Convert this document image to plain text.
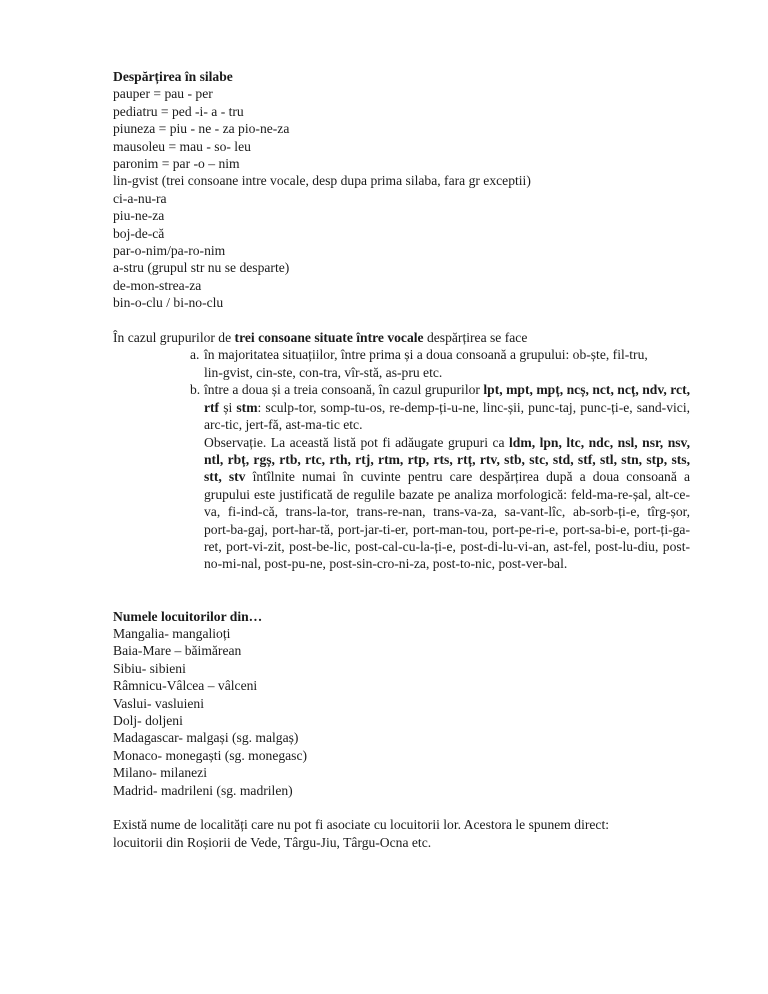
Despărțirea în silabe
pauper = pau - per
pediatru = ped -i- a - tru
piuneza = piu - ne - za pio-ne-za
mausoleu = mau - so- leu
paronim = par -o – nim
lin-gvist (trei consoane intre vocale, desp dupa prima silaba, fara gr exceptii)
ci-a-nu-ra
piu-ne-za
boj-de-că
par-o-nim/pa-ro-nim
a-stru (grupul str nu se desparte)
de-mon-strea-za
bin-o-clu / bi-no-clu
În cazul grupurilor de trei consoane situate între vocale despărțirea se face
a. în majoritatea situațiilor, între prima și a doua consoană a grupului: ob-ște, fil-tru,
lin-gvist, cin-ste, con-tra, vîr-stă, as-pru etc.
b. între a doua și a treia consoană, în cazul grupurilor lpt, mpt, mpț, ncș, nct, ncț, ndv, rct, rtf și stm: sculp-tor, somp-tu-os, re-demp-ți-u-ne, linc-șii, punc-taj, punc-ți-e, sand-vici, arc-tic, jert-fă, ast-ma-tic etc.
Observație. La această listă pot fi adăugate grupuri ca ldm, lpn, ltc, ndc, nsl, nsr, nsv, ntl, rbț, rgș, rtb, rtc, rth, rtj, rtm, rtp, rts, rtț, rtv, stb, stc, std, stf, stl, stn, stp, sts, stt, stv întîlnite numai în cuvinte pentru care despărțirea după a doua consoană a grupului este justificată de regulile bazate pe analiza morfologică: feld-ma-re-șal, alt-ce-va, fi-ind-că, trans-la-tor, trans-re-nan, trans-va-za, sa-vant-lîc, ab-sorb-ți-e, tîrg-șor, port-ba-gaj, port-har-tă, port-jar-ti-er, port-man-tou, port-pe-ri-e, port-sa-bi-e, port-ți-ga-ret, port-vi-zit, post-be-lic, post-cal-cu-la-ți-e, post-di-lu-vi-an, ast-fel, post-lu-diu, post-no-mi-nal, post-pu-ne, post-sin-cro-ni-za, post-to-nic, post-ver-bal.
Numele locuitorilor din…
Mangalia- mangalioți
Baia-Mare – băimărean
Sibiu- sibieni
Râmnicu-Vâlcea – vâlceni
Vaslui- vasluieni
Dolj- doljeni
Madagascar- malgași (sg. malgaș)
Monaco- monegaști (sg. monegasc)
Milano- milanezi
Madrid- madrileni (sg. madrilen)
Există nume de localități care nu pot fi asociate cu locuitorii lor. Acestora le spunem direct:
locuitorii din Roșiorii de Vede, Târgu-Jiu, Târgu-Ocna etc.
